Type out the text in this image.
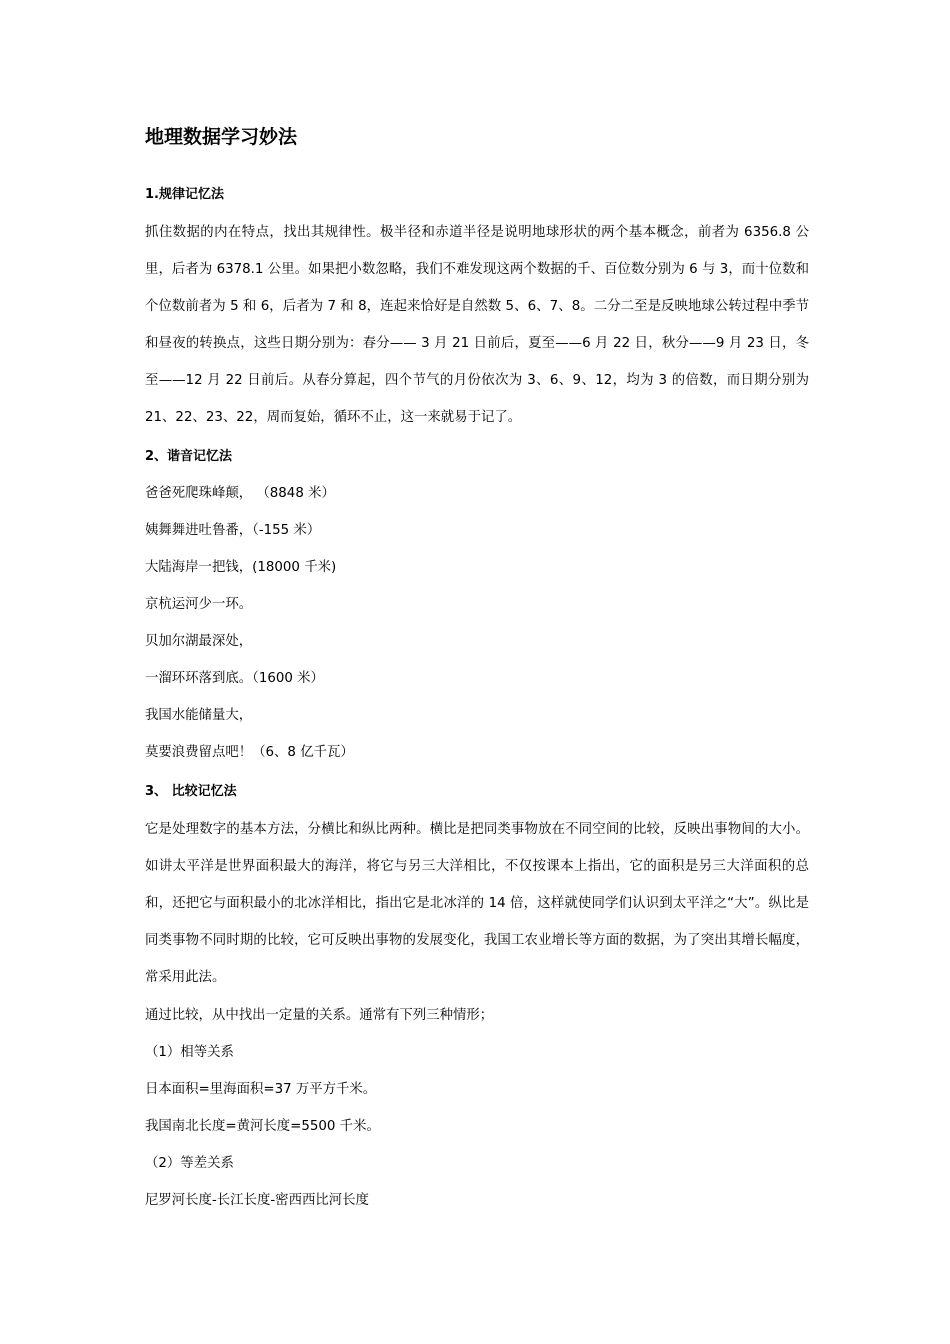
地理数据学习妙法
1.规律记忆法

抓住数据的内在特点，找出其规律性。极半径和赤道半径是说明地球形状的两个基本概念，前者为 6356.8 公里，后者为 6378.1 公里。如果把小数忽略，我们不难发现这两个数据的千、百位数分别为 6 与 3，而十位数和个位数前者为 5 和 6，后者为 7 和 8，连起来恰好是自然数 5、6、7、8。二分二至是反映地球公转过程中季节和昼夜的转换点，这些日期分别为：春分—— 3 月 21 日前后，夏至——6 月 22 日，秋分——9 月 23 日，冬至——12 月 22 日前后。从春分算起，四个节气的月份依次为 3、6、9、12，均为 3 的倍数，而日期分别为 21、22、23、22，周而复始，循环不止，这一来就易于记了。

2、谐音记忆法

爸爸死爬珠峰颠， （8848 米）

姨舞舞进吐鲁番，（-155 米）

大陆海岸一把钱，(18000 千米)

京杭运河少一环。

贝加尔湖最深处，

一溜环环落到底。（1600 米）

我国水能储量大，

莫要浪费留点吧！（6、8 亿千瓦）

3、 比较记忆法

它是处理数字的基本方法，分横比和纵比两种。横比是把同类事物放在不同空间的比较，反映出事物间的大小。如讲太平洋是世界面积最大的海洋，将它与另三大洋相比，不仅按课本上指出，它的面积是另三大洋面积的总和，还把它与面积最小的北冰洋相比，指出它是北冰洋的 14 倍，这样就使同学们认识到太平洋之“大”。纵比是同类事物不同时期的比较，它可反映出事物的发展变化，我国工农业增长等方面的数据，为了突出其增长幅度，常采用此法。

通过比较，从中找出一定量的关系。通常有下列三种情形；

（1）相等关系

日本面积=里海面积=37 万平方千米。

我国南北长度=黄河长度=5500 千米。

（2）等差关系

尼罗河长度-长江长度-密西西比河长度
